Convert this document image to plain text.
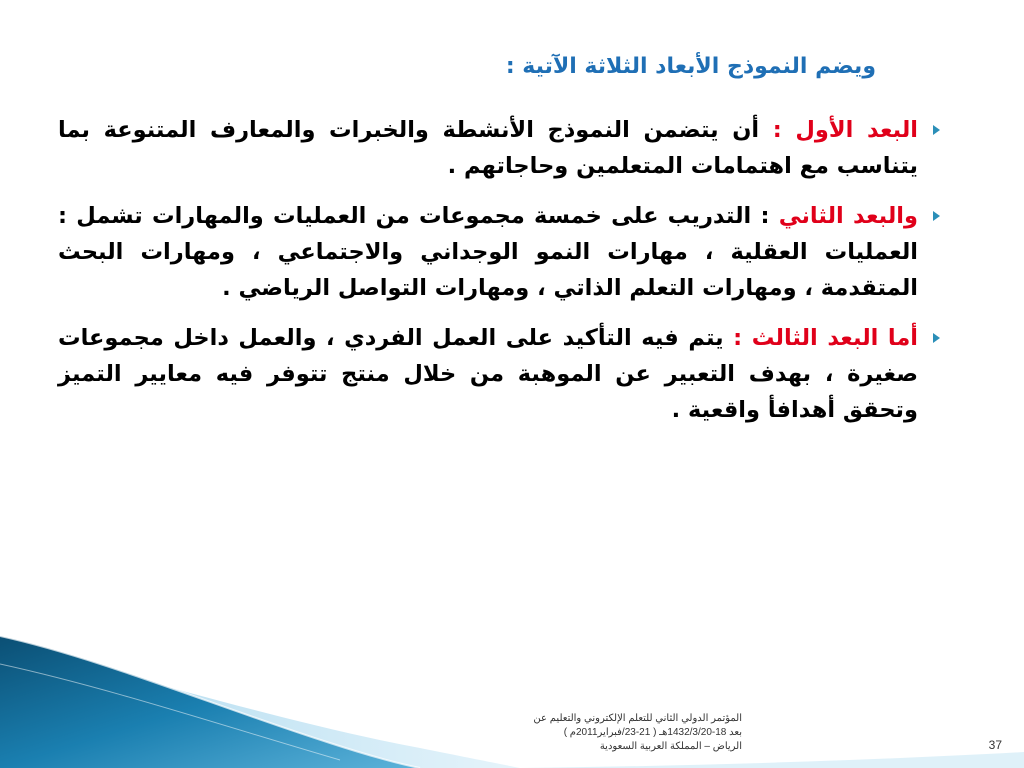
ويضم النموذج الأبعاد الثلاثة الآتية :
البعد الأول : أن يتضمن النموذج الأنشطة والخبرات والمعارف المتنوعة بما يتناسب مع اهتمامات المتعلمين وحاجاتهم .
والبعد الثاني : التدريب على خمسة مجموعات من العمليات والمهارات تشمل : العمليات العقلية ، مهارات النمو الوجداني والاجتماعي ، ومهارات البحث المتقدمة ، ومهارات التعلم الذاتي ، ومهارات التواصل الرياضي .
أما البعد الثالث : يتم فيه التأكيد على العمل الفردي ، والعمل داخل مجموعات صغيرة ، بهدف التعبير عن الموهبة من خلال منتج تتوفر فيه معايير التميز وتحقق أهدافأ واقعية .
المؤتمر الدولي الثاني للتعلم الإلكتروني والتعليم عن
بعد 18-1432/3/20هـ ( 21-23/فبراير2011م )
الرياض – المملكة العربية السعودية	37
